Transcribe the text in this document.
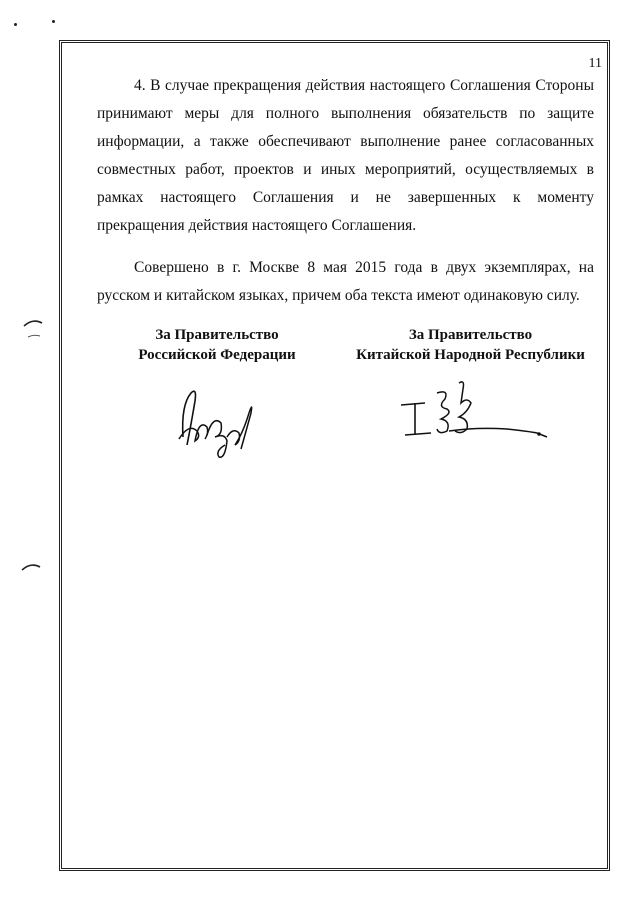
11

4. В случае прекращения действия настоящего Соглашения Стороны принимают меры для полного выполнения обязательств по защите информации, а также обеспечивают выполнение ранее согласованных совместных работ, проектов и иных мероприятий, осуществляемых в рамках настоящего Соглашения и не завершенных к моменту прекращения действия настоящего Соглашения.

Совершено в г. Москве 8 мая 2015 года в двух экземплярах, на русском и китайском языках, причем оба текста имеют одинаковую силу.

За Правительство
Российской Федерации
За Правительство
Китайской Народной Республики
